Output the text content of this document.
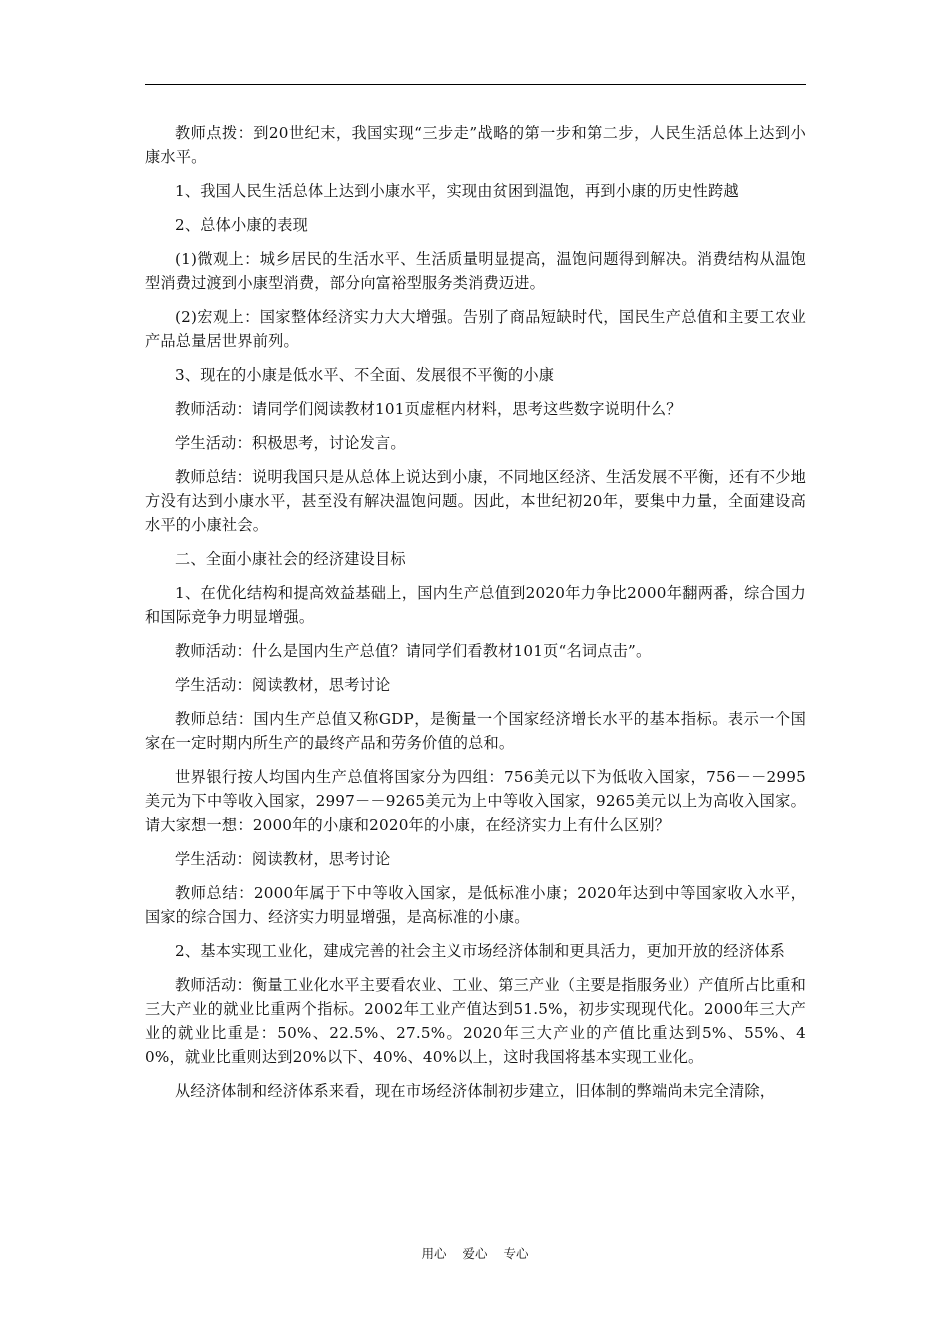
教师点拨：到20世纪末，我国实现“三步走”战略的第一步和第二步，人民生活总体上达到小康水平。

1、我国人民生活总体上达到小康水平，实现由贫困到温饱，再到小康的历史性跨越

2、总体小康的表现

(1)微观上：城乡居民的生活水平、生活质量明显提高，温饱问题得到解决。消费结构从温饱型消费过渡到小康型消费，部分向富裕型服务类消费迈进。

(2)宏观上：国家整体经济实力大大增强。告别了商品短缺时代，国民生产总值和主要工农业产品总量居世界前列。

3、现在的小康是低水平、不全面、发展很不平衡的小康

教师活动：请同学们阅读教材101页虚框内材料，思考这些数字说明什么？

学生活动：积极思考，讨论发言。

教师总结：说明我国只是从总体上说达到小康，不同地区经济、生活发展不平衡，还有不少地方没有达到小康水平，甚至没有解决温饱问题。因此，本世纪初20年，要集中力量，全面建设高水平的小康社会。

二、全面小康社会的经济建设目标

1、在优化结构和提高效益基础上，国内生产总值到2020年力争比2000年翻两番，综合国力和国际竞争力明显增强。

教师活动：什么是国内生产总值？请同学们看教材101页“名词点击”。

学生活动：阅读教材，思考讨论

教师总结：国内生产总值又称GDP，是衡量一个国家经济增长水平的基本指标。表示一个国家在一定时期内所生产的最终产品和劳务价值的总和。

世界银行按人均国内生产总值将国家分为四组：756美元以下为低收入国家，756－－2995美元为下中等收入国家，2997－－9265美元为上中等收入国家，9265美元以上为高收入国家。请大家想一想：2000年的小康和2020年的小康，在经济实力上有什么区别？

学生活动：阅读教材，思考讨论

教师总结：2000年属于下中等收入国家，是低标准小康；2020年达到中等国家收入水平，国家的综合国力、经济实力明显增强，是高标准的小康。

2、基本实现工业化，建成完善的社会主义市场经济体制和更具活力，更加开放的经济体系

教师活动：衡量工业化水平主要看农业、工业、第三产业（主要是指服务业）产值所占比重和三大产业的就业比重两个指标。2002年工业产值达到51.5%，初步实现现代化。2000年三大产业的就业比重是：50%、22.5%、27.5%。2020年三大产业的产值比重达到5%、55%、40%，就业比重则达到20%以下、40%、40%以上，这时我国将基本实现工业化。

从经济体制和经济体系来看，现在市场经济体制初步建立，旧体制的弊端尚未完全清除，

用心 爱心 专心
